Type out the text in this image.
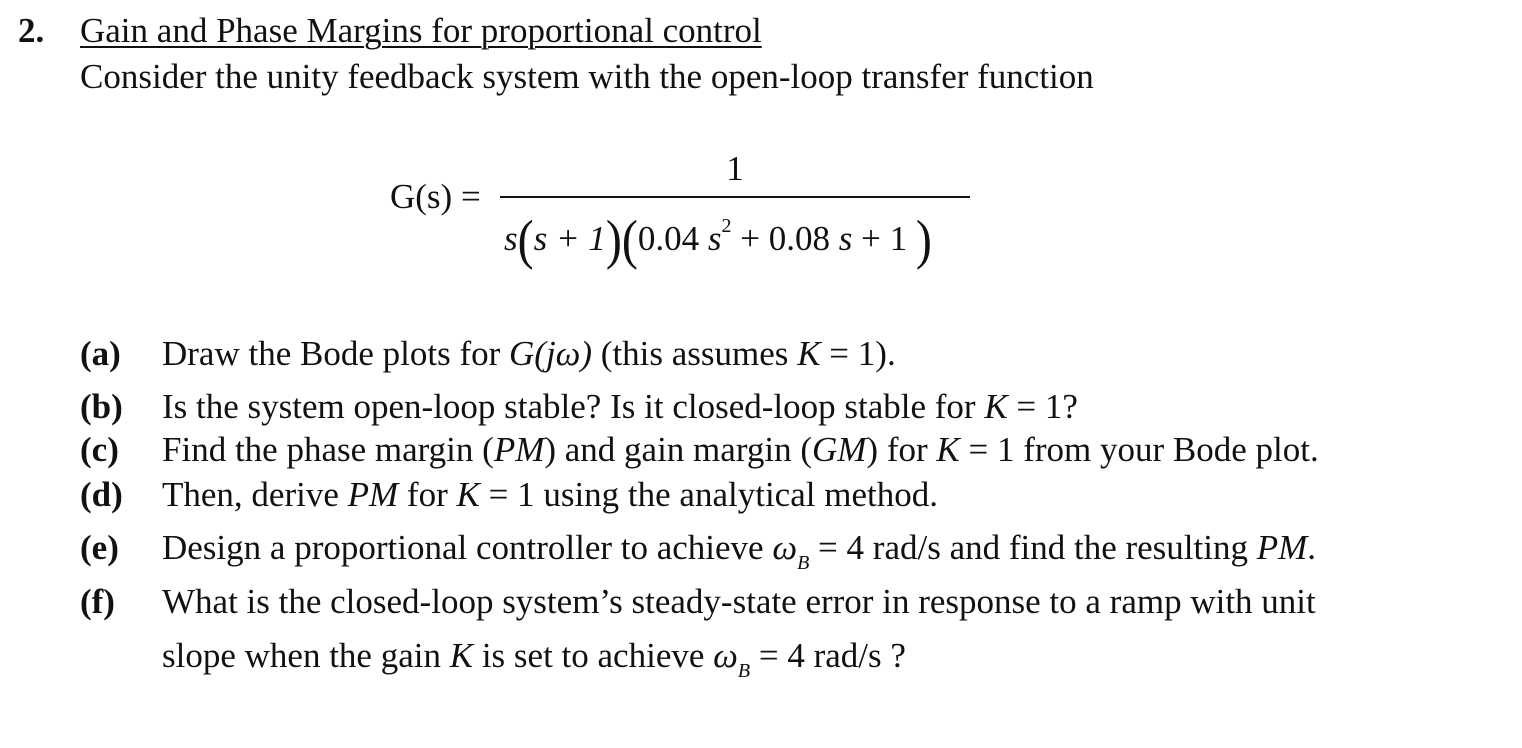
2. Gain and Phase Margins for proportional control
Consider the unity feedback system with the open-loop transfer function
G(s) =
1
s(s + 1)(0.04 $s^2 + 0.08$ s + 1 )
(a) Draw the Bode plots for G(jω) (this assumes K = 1).
(b) Is the system open-loop stable? Is it closed-loop stable for K = 1?
(c) Find the phase margin (PM) and gain margin (GM) for K = 1 from your Bode plot.
(d) Then, derive PM for K = 1 using the analytical method.
(e) Design a proportional controller to achieve $\omega_B = 4$ rad/s and find the resulting PM.
(f) What is the closed-loop system’s steady-state error in response to a ramp with unit
slope when the gain K is set to achieve $\omega_B = 4$ rad/s ?
